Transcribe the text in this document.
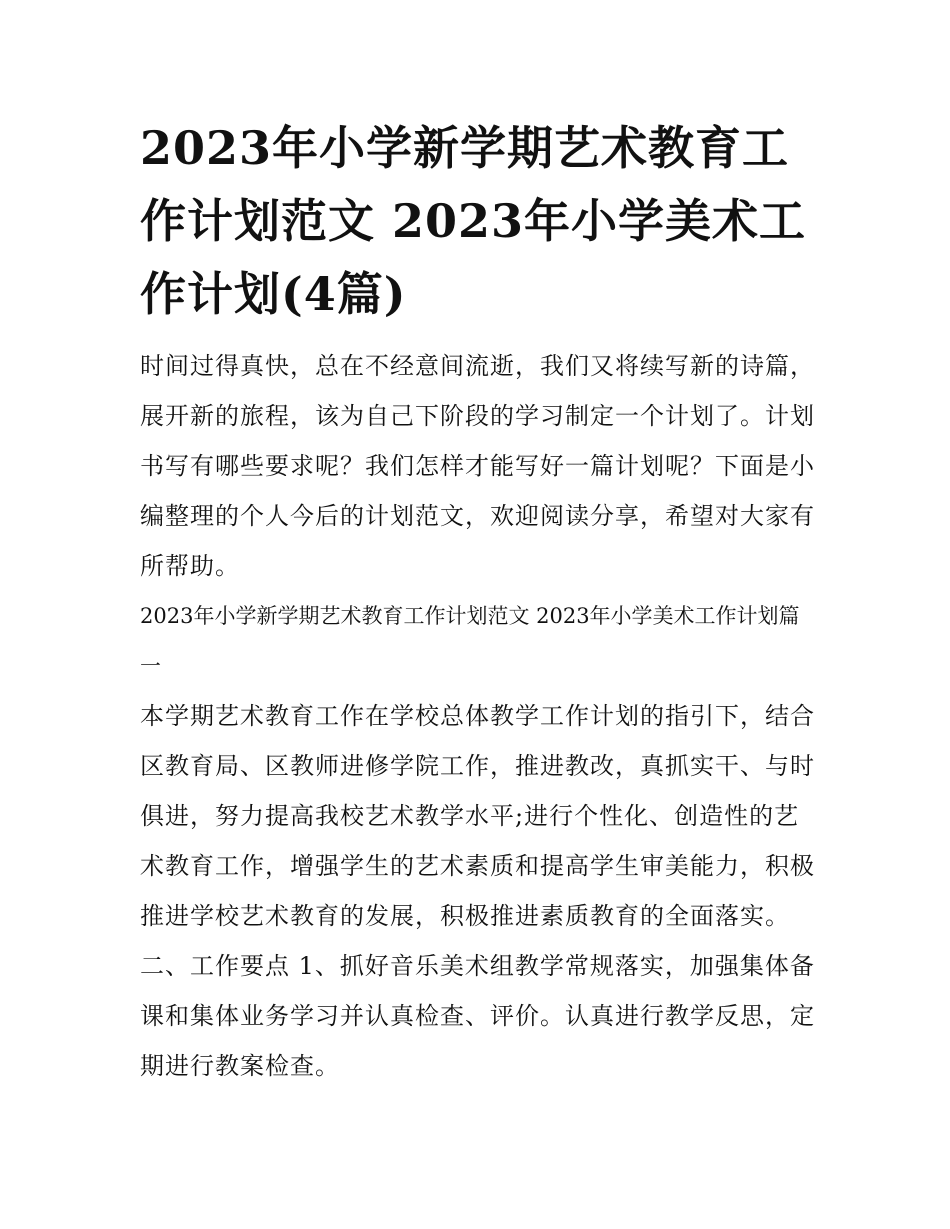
2023年小学新学期艺术教育工作计划范文 2023年小学美术工作计划(4篇)

时间过得真快，总在不经意间流逝，我们又将续写新的诗篇，展开新的旅程，该为自己下阶段的学习制定一个计划了。计划书写有哪些要求呢？我们怎样才能写好一篇计划呢？下面是小编整理的个人今后的计划范文，欢迎阅读分享，希望对大家有所帮助。

2023年小学新学期艺术教育工作计划范文 2023年小学美术工作计划篇一

本学期艺术教育工作在学校总体教学工作计划的指引下，结合区教育局、区教师进修学院工作，推进教改，真抓实干、与时俱进，努力提高我校艺术教学水平;进行个性化、创造性的艺术教育工作，增强学生的艺术素质和提高学生审美能力，积极推进学校艺术教育的发展，积极推进素质教育的全面落实。

二、工作要点 1、抓好音乐美术组教学常规落实，加强集体备课和集体业务学习并认真检查、评价。认真进行教学反思，定期进行教案检查。
